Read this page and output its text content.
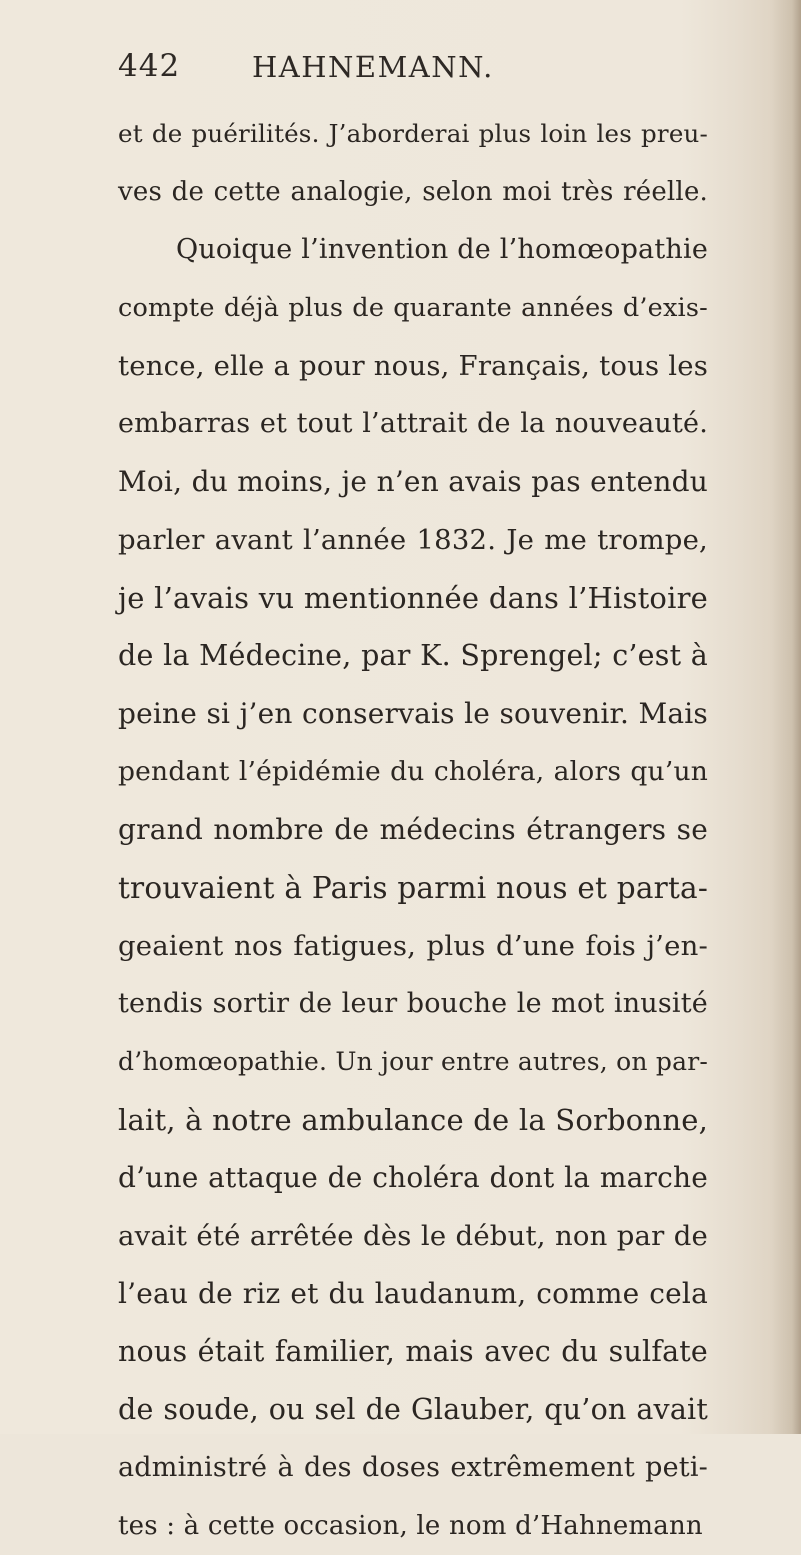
442 HAHNEMANN.
et de puérilités. J’aborderai plus loin les preu-
ves de cette analogie, selon moi très réelle.
Quoique l’invention de l’homœopathie
compte déjà plus de quarante années d’exis-
tence, elle a pour nous, Français, tous les
embarras et tout l’attrait de la nouveauté.
Moi, du moins, je n’en avais pas entendu
parler avant l’année 1832. Je me trompe,
je l’avais vu mentionnée dans l’Histoire
de la Médecine, par K. Sprengel; c’est à
peine si j’en conservais le souvenir. Mais
pendant l’épidémie du choléra, alors qu’un
grand nombre de médecins étrangers se
trouvaient à Paris parmi nous et parta-
geaient nos fatigues, plus d’une fois j’en-
tendis sortir de leur bouche le mot inusité
d’homœopathie. Un jour entre autres, on par-
lait, à notre ambulance de la Sorbonne,
d’une attaque de choléra dont la marche
avait été arrêtée dès le début, non par de
l’eau de riz et du laudanum, comme cela
nous était familier, mais avec du sulfate
de soude, ou sel de Glauber, qu’on avait
administré à des doses extrêmement peti-
tes : à cette occasion, le nom d’Hahnemann
